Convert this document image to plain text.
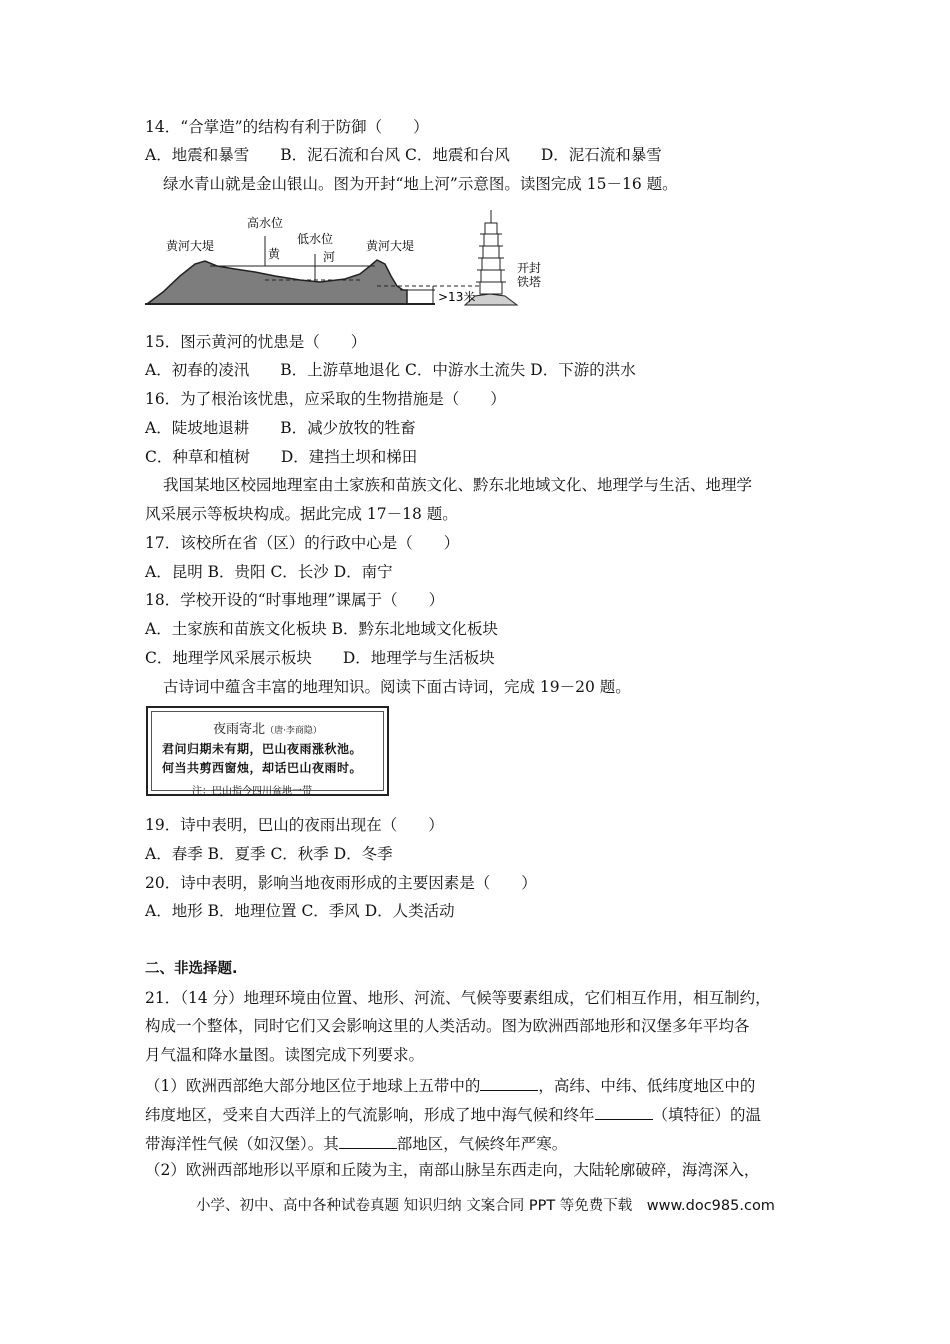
14．“合掌造”的结构有利于防御（　　）
A．地震和暴雪　　B．泥石流和台风 C．地震和台风　　D．泥石流和暴雪
绿水青山就是金山银山。图为开封“地上河”示意图。读图完成 15－16 题。
黄河大堤
高水位
低水位
黄	河
黄河大堤
>13米
开封
铁塔
15．图示黄河的忧患是（　　）
A．初春的凌汛　　B．上游草地退化 C．中游水土流失 D．下游的洪水
16．为了根治该忧患，应采取的生物措施是（　　）
A．陡坡地退耕　　B．减少放牧的牲畜
C．种草和植树　　D．建挡土坝和梯田
我国某地区校园地理室由土家族和苗族文化、黔东北地域文化、地理学与生活、地理学
风采展示等板块构成。据此完成 17－18 题。
17．该校所在省（区）的行政中心是（　　）
A．昆明 B．贵阳 C．长沙 D．南宁
18．学校开设的“时事地理”课属于（　　）
A．土家族和苗族文化板块 B．黔东北地域文化板块
C．地理学风采展示板块　　D．地理学与生活板块
古诗词中蕴含丰富的地理知识。阅读下面古诗词，完成 19－20 题。
夜雨寄北（唐·李商隐）
君问归期未有期，巴山夜雨涨秋池。
何当共剪西窗烛，却话巴山夜雨时。
注：巴山指今四川盆地一带
19．诗中表明，巴山的夜雨出现在（　　）
A．春季 B．夏季 C．秋季 D．冬季
20．诗中表明，影响当地夜雨形成的主要因素是（　　）
A．地形 B．地理位置 C．季风 D．人类活动
二、非选择题.
21．（14 分）地理环境由位置、地形、河流、气候等要素组成，它们相互作用，相互制约，
构成一个整体，同时它们又会影响这里的人类活动。图为欧洲西部地形和汉堡多年平均各
月气温和降水量图。读图完成下列要求。
（1）欧洲西部绝大部分地区位于地球上五带中的	，高纬、中纬、低纬度地区中的
纬度地区，受来自大西洋上的气流影响，形成了地中海气候和终年	（填特征）的温
带海洋性气候（如汉堡）。其	部地区，气候终年严寒。
（2）欧洲西部地形以平原和丘陵为主，南部山脉呈东西走向，大陆轮廓破碎，海湾深入，
小学、初中、高中各种试卷真题 知识归纳 文案合同 PPT 等免费下载　www.doc985.com
